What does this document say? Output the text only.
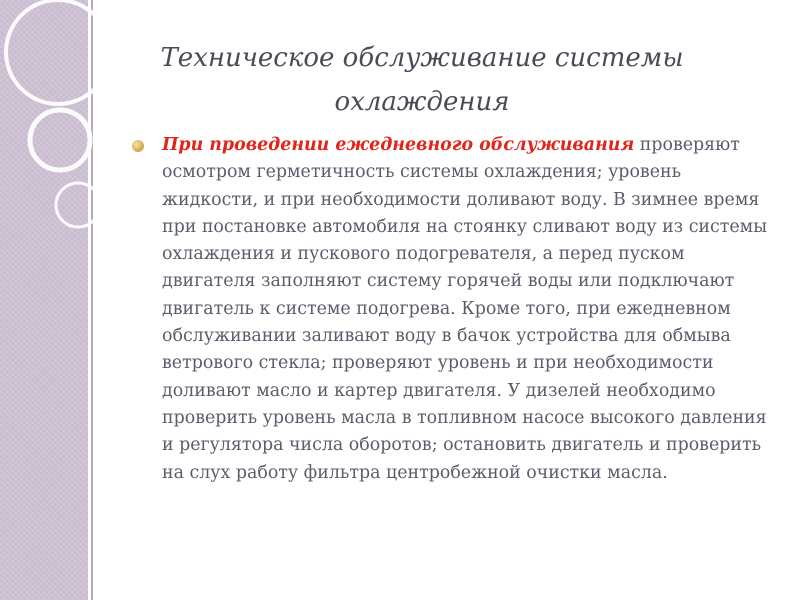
Техническое обслуживание системы охлаждения

При проведении ежедневного обслуживания проверяют осмотром герметичность системы охлаждения; уровень жидкости, и при необходимости доливают воду. В зимнее время при постановке автомобиля на стоянку сливают воду из системы охлаждения и пускового подогревателя, а перед пуском двигателя заполняют систему горячей воды или подключают двигатель к системе подогрева. Кроме того, при ежедневном обслуживании заливают воду в бачок устройства для обмыва ветрового стекла; проверяют уровень и при необходимости доливают масло и картер двигателя. У дизелей необходимо проверить уровень масла в топливном насосе высокого давления и регулятора числа оборотов; остановить двигатель и проверить на слух работу фильтра центробежной очистки масла.
